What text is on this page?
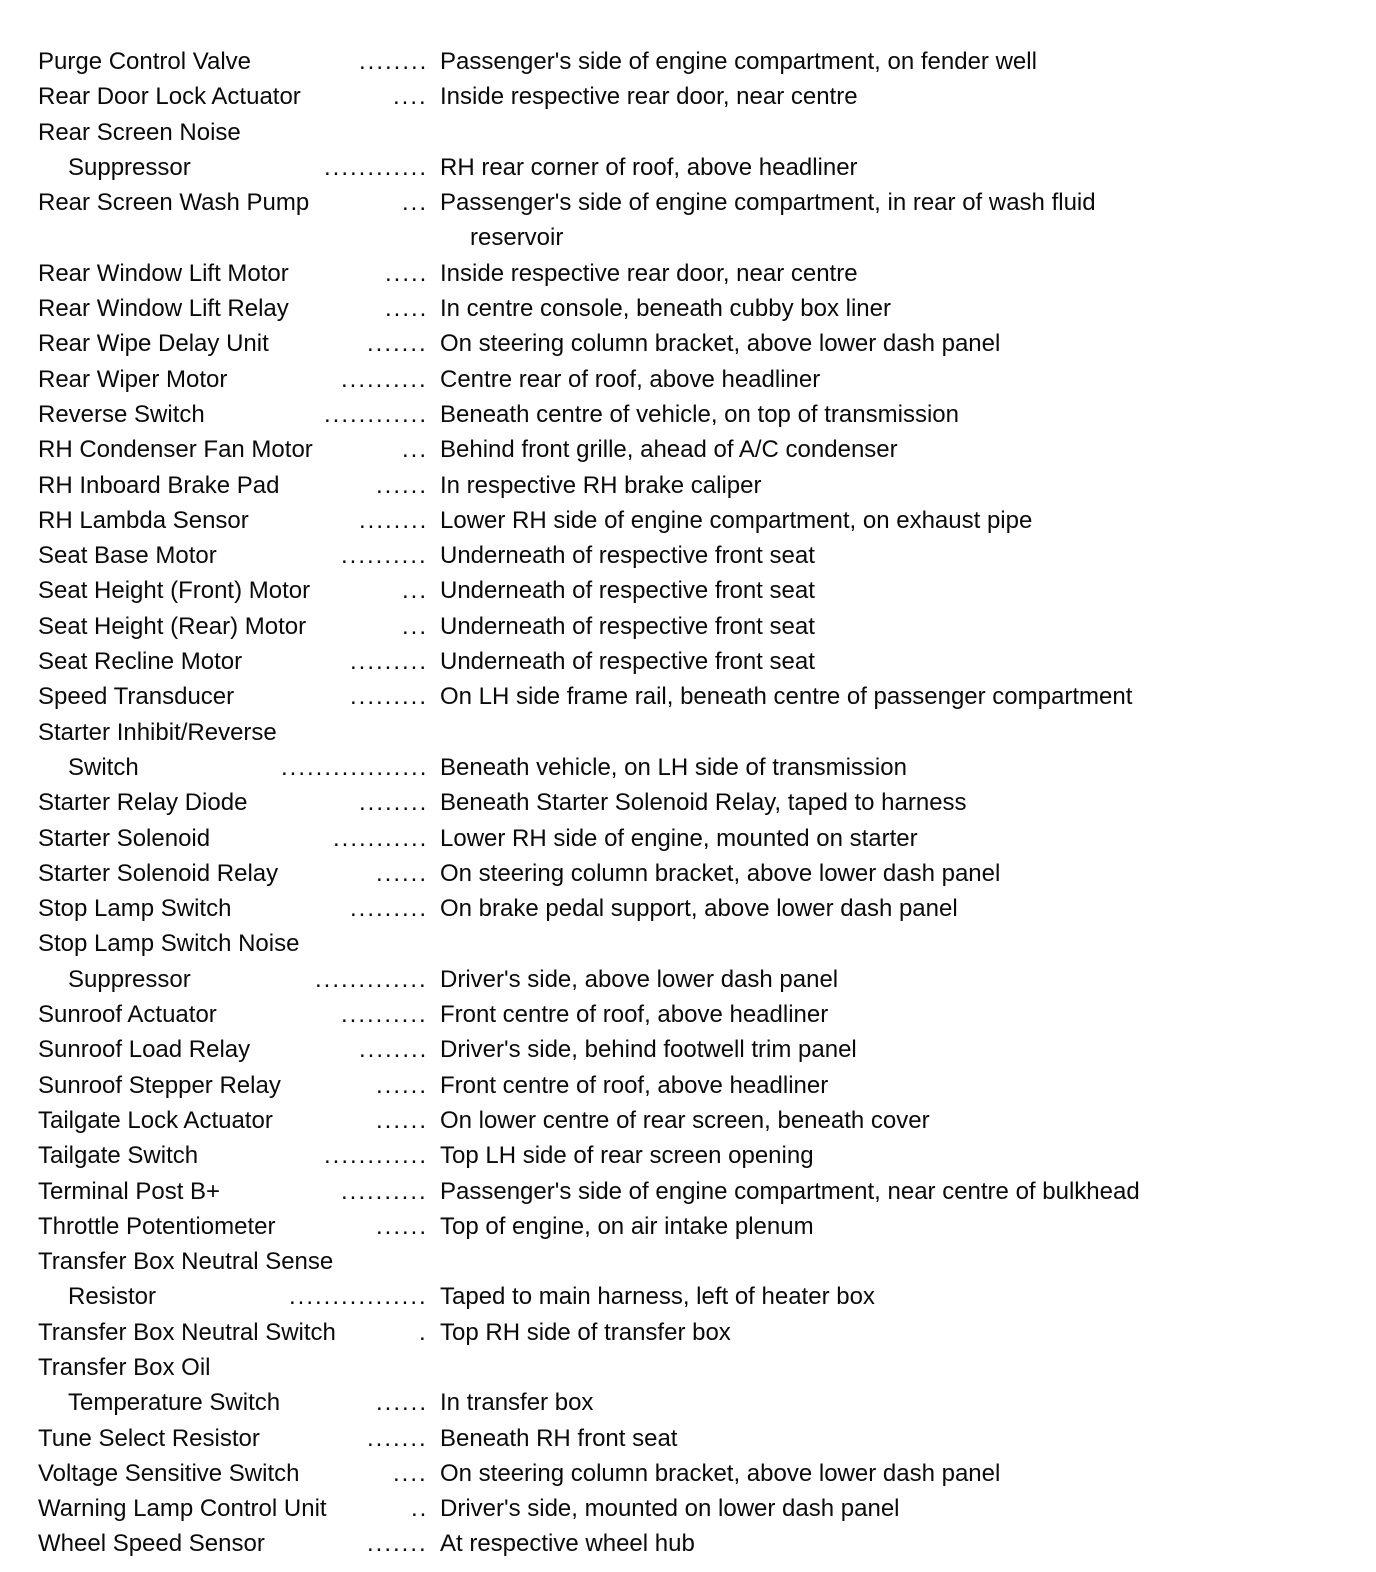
Purge Control Valve	........ Passenger's side of engine compartment, on fender well
Rear Door Lock Actuator	.... Inside respective rear door, near centre
Rear Screen Noise
Suppressor	............ RH rear corner of roof, above headliner
Rear Screen Wash Pump	... Passenger's side of engine compartment, in rear of wash fluid
reservoir
Rear Window Lift Motor	..... Inside respective rear door, near centre
Rear Window Lift Relay	..... In centre console, beneath cubby box liner
Rear Wipe Delay Unit	....... On steering column bracket, above lower dash panel
Rear Wiper Motor	.......... Centre rear of roof, above headliner
Reverse Switch	............ Beneath centre of vehicle, on top of transmission
RH Condenser Fan Motor	... Behind front grille, ahead of A/C condenser
RH Inboard Brake Pad	...... In respective RH brake caliper
RH Lambda Sensor	........ Lower RH side of engine compartment, on exhaust pipe
Seat Base Motor	.......... Underneath of respective front seat
Seat Height (Front) Motor	... Underneath of respective front seat
Seat Height (Rear) Motor	... Underneath of respective front seat
Seat Recline Motor	......... Underneath of respective front seat
Speed Transducer	......... On LH side frame rail, beneath centre of passenger compartment
Starter Inhibit/Reverse
Switch	................. Beneath vehicle, on LH side of transmission
Starter Relay Diode	........ Beneath Starter Solenoid Relay, taped to harness
Starter Solenoid	........... Lower RH side of engine, mounted on starter
Starter Solenoid Relay	...... On steering column bracket, above lower dash panel
Stop Lamp Switch	......... On brake pedal support, above lower dash panel
Stop Lamp Switch Noise
Suppressor	............. Driver's side, above lower dash panel
Sunroof Actuator	.......... Front centre of roof, above headliner
Sunroof Load Relay	........ Driver's side, behind footwell trim panel
Sunroof Stepper Relay	...... Front centre of roof, above headliner
Tailgate Lock Actuator	...... On lower centre of rear screen, beneath cover
Tailgate Switch	............ Top LH side of rear screen opening
Terminal Post B+	.......... Passenger's side of engine compartment, near centre of bulkhead
Throttle Potentiometer	...... Top of engine, on air intake plenum
Transfer Box Neutral Sense
Resistor	................ Taped to main harness, left of heater box
Transfer Box Neutral Switch	. Top RH side of transfer box
Transfer Box Oil
Temperature Switch	...... In transfer box
Tune Select Resistor	....... Beneath RH front seat
Voltage Sensitive Switch	.... On steering column bracket, above lower dash panel
Warning Lamp Control Unit	.. Driver's side, mounted on lower dash panel
Wheel Speed Sensor	....... At respective wheel hub
